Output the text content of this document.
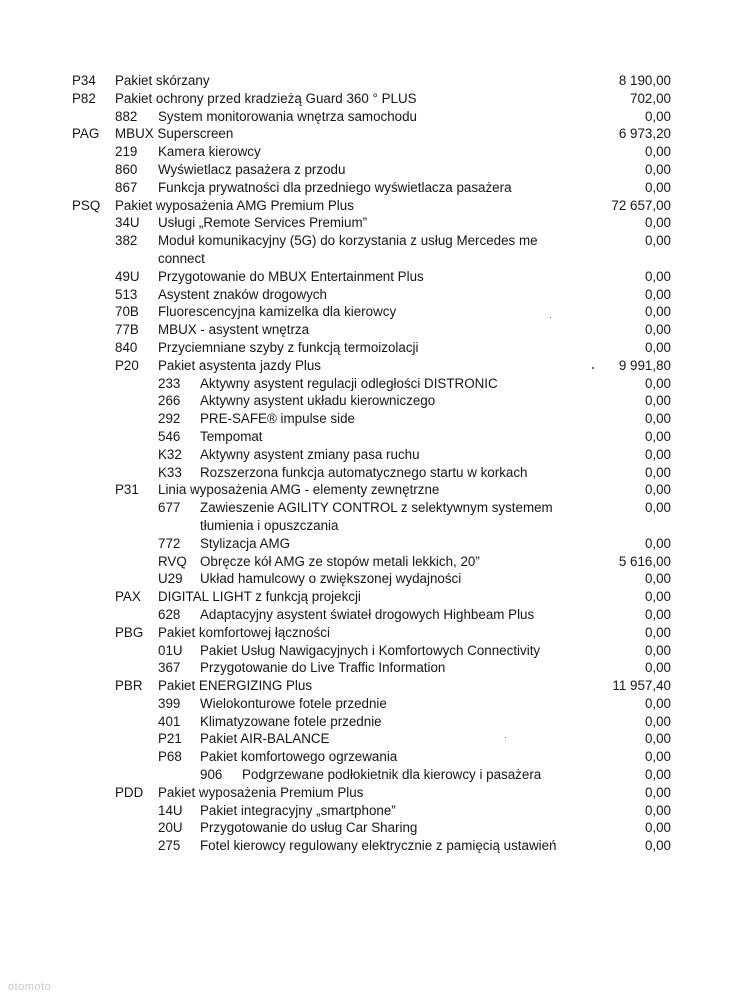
P34 Pakiet skórzany	8 190,00
P82 Pakiet ochrony przed kradzieżą Guard 360 ° PLUS	702,00
882 System monitorowania wnętrza samochodu	0,00
PAG MBUX Superscreen	6 973,20
219 Kamera kierowcy	0,00
860 Wyświetlacz pasażera z przodu	0,00
867 Funkcja prywatności dla przedniego wyświetlacza pasażera	0,00
PSQ Pakiet wyposażenia AMG Premium Plus	72 657,00
34U Usługi „Remote Services Premium”	0,00
382 Moduł komunikacyjny (5G) do korzystania z usług Mercedes me connect
0,00
49U Przygotowanie do MBUX Entertainment Plus	0,00
513 Asystent znaków drogowych	0,00
70B Fluorescencyjna kamizelka dla kierowcy	0,00
77B MBUX - asystent wnętrza	0,00
840 Przyciemniane szyby z funkcją termoizolacji	0,00
P20 Pakiet asystenta jazdy Plus	9 991,80
233 Aktywny asystent regulacji odległości DISTRONIC	0,00
266 Aktywny asystent układu kierowniczego	0,00
292 PRE-SAFE® impulse side	0,00
546 Tempomat	0,00
K32 Aktywny asystent zmiany pasa ruchu	0,00
K33 Rozszerzona funkcja automatycznego startu w korkach	0,00
P31 Linia wyposażenia AMG - elementy zewnętrzne	0,00
677 Zawieszenie AGILITY CONTROL z selektywnym systemem tłumienia i opuszczania
0,00
772 Stylizacja AMG	0,00
RVQ Obręcze kół AMG ze stopów metali lekkich, 20”	5 616,00
U29 Układ hamulcowy o zwiększonej wydajności	0,00
PAX DIGITAL LIGHT z funkcją projekcji	0,00
628 Adaptacyjny asystent świateł drogowych Highbeam Plus	0,00
PBG Pakiet komfortowej łączności	0,00
01U Pakiet Usług Nawigacyjnych i Komfortowych Connectivity	0,00
367 Przygotowanie do Live Traffic Information	0,00
PBR Pakiet ENERGIZING Plus	11 957,40
399 Wielokonturowe fotele przednie	0,00
401 Klimatyzowane fotele przednie	0,00
P21 Pakiet AIR-BALANCE	0,00
P68 Pakiet komfortowego ogrzewania	0,00
906 Podgrzewane podłokietnik dla kierowcy i pasażera	0,00
PDD Pakiet wyposażenia Premium Plus	0,00
14U Pakiet integracyjny „smartphone”	0,00
20U Przygotowanie do usług Car Sharing	0,00
275 Fotel kierowcy regulowany elektrycznie z pamięcią ustawień	0,00
otomoto
